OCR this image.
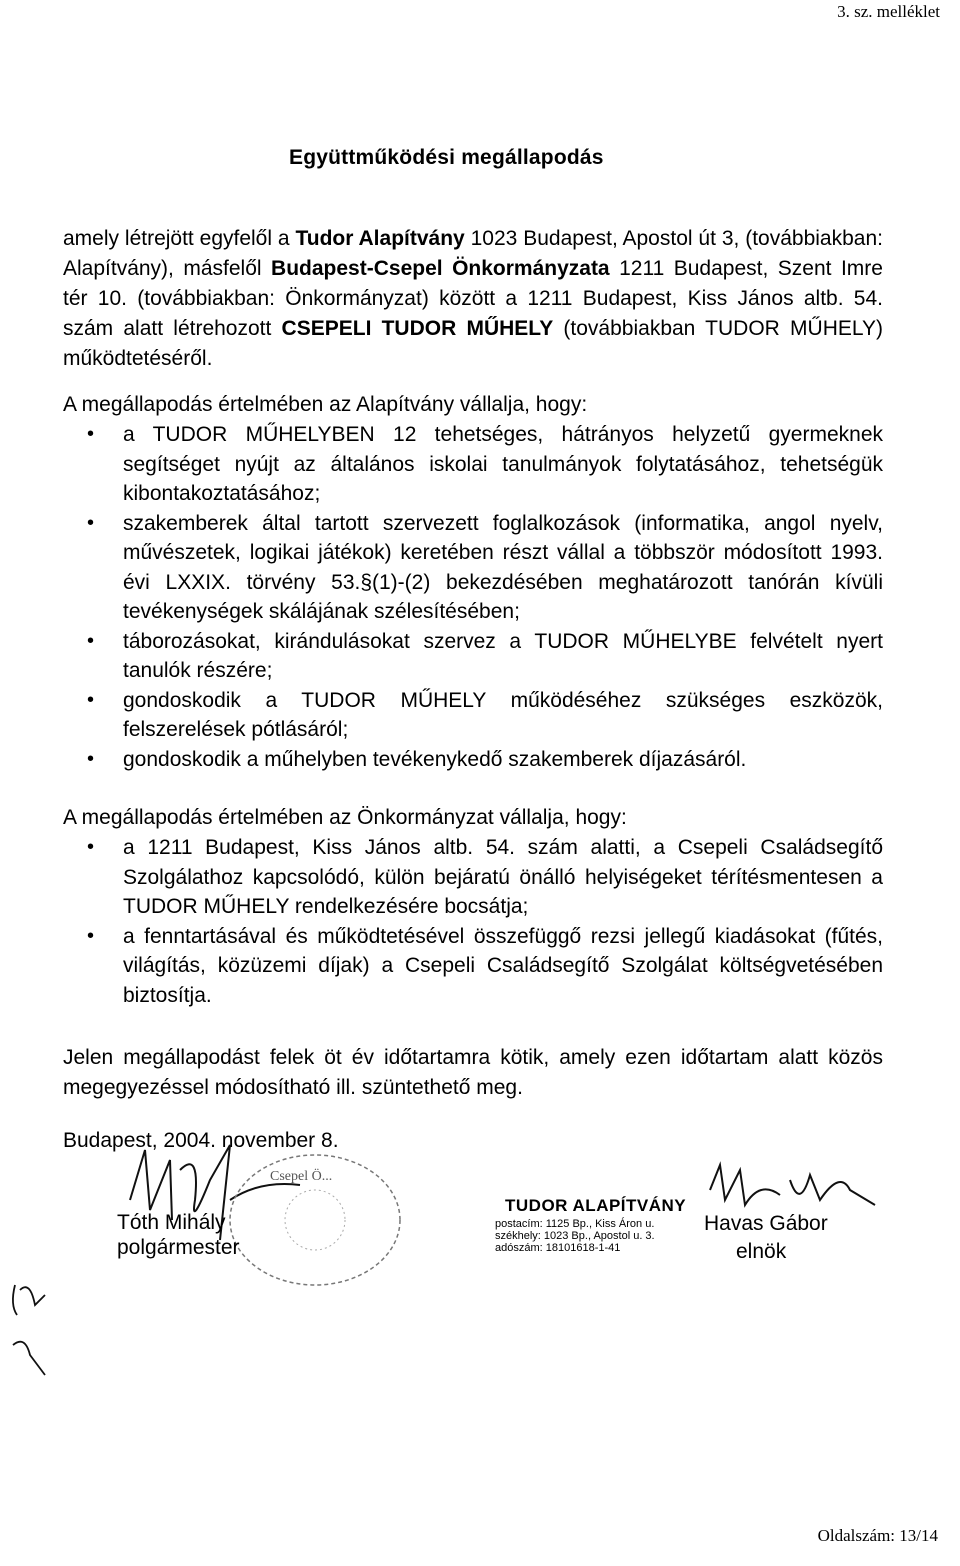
3. sz. melléklet
Együttműködési megállapodás

amely létrejött egyfelől a Tudor Alapítvány 1023 Budapest, Apostol út 3, (továbbiakban: Alapítvány), másfelől Budapest-Csepel Önkormányzata 1211 Budapest, Szent Imre tér 10. (továbbiakban: Önkormányzat) között a 1211 Budapest, Kiss János altb. 54. szám alatt létrehozott CSEPELI TUDOR MŰHELY (továbbiakban TUDOR MŰHELY) működtetéséről.

A megállapodás értelmében az Alapítvány vállalja, hogy:

• a TUDOR MŰHELYBEN 12 tehetséges, hátrányos helyzetű gyermeknek segítséget nyújt az általános iskolai tanulmányok folytatásához, tehetségük kibontakoztatásához;
• szakemberek által tartott szervezett foglalkozások (informatika, angol nyelv, művészetek, logikai játékok) keretében részt vállal a többször módosított 1993. évi LXXIX. törvény 53.§(1)-(2) bekezdésében meghatározott tanórán kívüli tevékenységek skálájának szélesítésében;
• táborozásokat, kirándulásokat szervez a TUDOR MŰHELYBE felvételt nyert tanulók részére;
• gondoskodik a TUDOR MŰHELY működéséhez szükséges eszközök, felszerelések pótlásáról;
• gondoskodik a műhelyben tevékenykedő szakemberek díjazásáról.

A megállapodás értelmében az Önkormányzat vállalja, hogy:

• a 1211 Budapest, Kiss János altb. 54. szám alatti, a Csepeli Családsegítő Szolgálathoz kapcsolódó, külön bejáratú önálló helyiségeket térítésmentesen a TUDOR MŰHELY rendelkezésére bocsátja;
• a fenntartásával és működtetésével összefüggő rezsi jellegű kiadásokat (fűtés, világítás, közüzemi díjak) a Csepeli Családsegítő Szolgálat költségvetésében biztosítja.

Jelen megállapodást felek öt év időtartamra kötik, amely ezen időtartam alatt közös megegyezéssel módosítható ill. szüntethető meg.

Budapest, 2004. november 8.
Csepel Ö...
Tóth Mihály
polgármester
TUDOR ALAPÍTVÁNY
postacím: 1125 Bp., Kiss Áron u.
székhely: 1023 Bp., Apostol u. 3.
adószám: 18101618-1-41
Havas Gábor
elnök
Oldalszám: 13/14
